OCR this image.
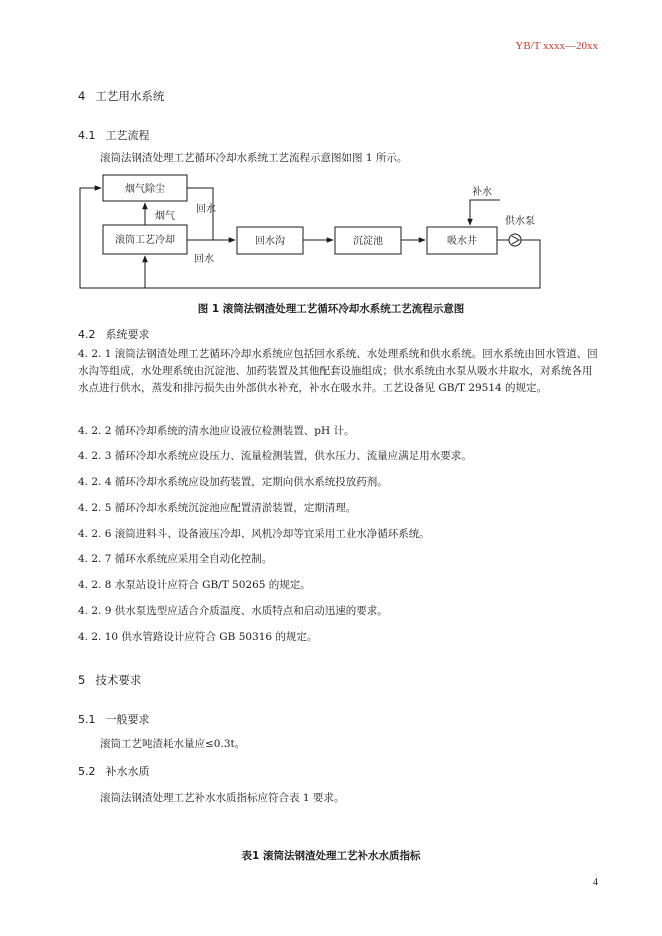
YB/T xxxx—20xx
4 工艺用水系统
4.1 工艺流程
滚筒法钢渣处理工艺循环冷却水系统工艺流程示意图如图 1 所示。
烟气除尘
滚筒工艺冷却	回水沟	沉淀池	吸水井
烟气
回水
回水
补水
供水泵
图 1 滚筒法钢渣处理工艺循环冷却水系统工艺流程示意图
4.2 系统要求
4. 2. 1 滚筒法钢渣处理工艺循环冷却水系统应包括回水系统、水处理系统和供水系统。回水系统由回水管道、回水沟等组成，水处理系统由沉淀池、加药装置及其他配套设施组成；供水系统由水泵从吸水井取水，对系统各用水点进行供水，蒸发和排污损失由外部供水补充，补水在吸水井。工艺设备见 GB/T 29514 的规定。
4. 2. 2 循环冷却系统的清水池应设液位检测装置、pH 计。
4. 2. 3 循环冷却水系统应设压力、流量检测装置，供水压力、流量应满足用水要求。
4. 2. 4 循环冷却水系统应设加药装置，定期向供水系统投放药剂。
4. 2. 5 循环冷却水系统沉淀池应配置清淤装置，定期清理。
4. 2. 6 滚筒进料斗、设备液压冷却、风机冷却等宜采用工业水净循环系统。
4. 2. 7 循环水系统应采用全自动化控制。
4. 2. 8 水泵站设计应符合 GB/T 50265 的规定。
4. 2. 9 供水泵选型应适合介质温度、水质特点和启动迅速的要求。
4. 2. 10 供水管路设计应符合 GB 50316 的规定。
5 技术要求
5.1 一般要求
滚筒工艺吨渣耗水量应≤0.3t。
5.2 补水水质
滚筒法钢渣处理工艺补水水质指标应符合表 1 要求。
表1 滚筒法钢渣处理工艺补水水质指标
4
